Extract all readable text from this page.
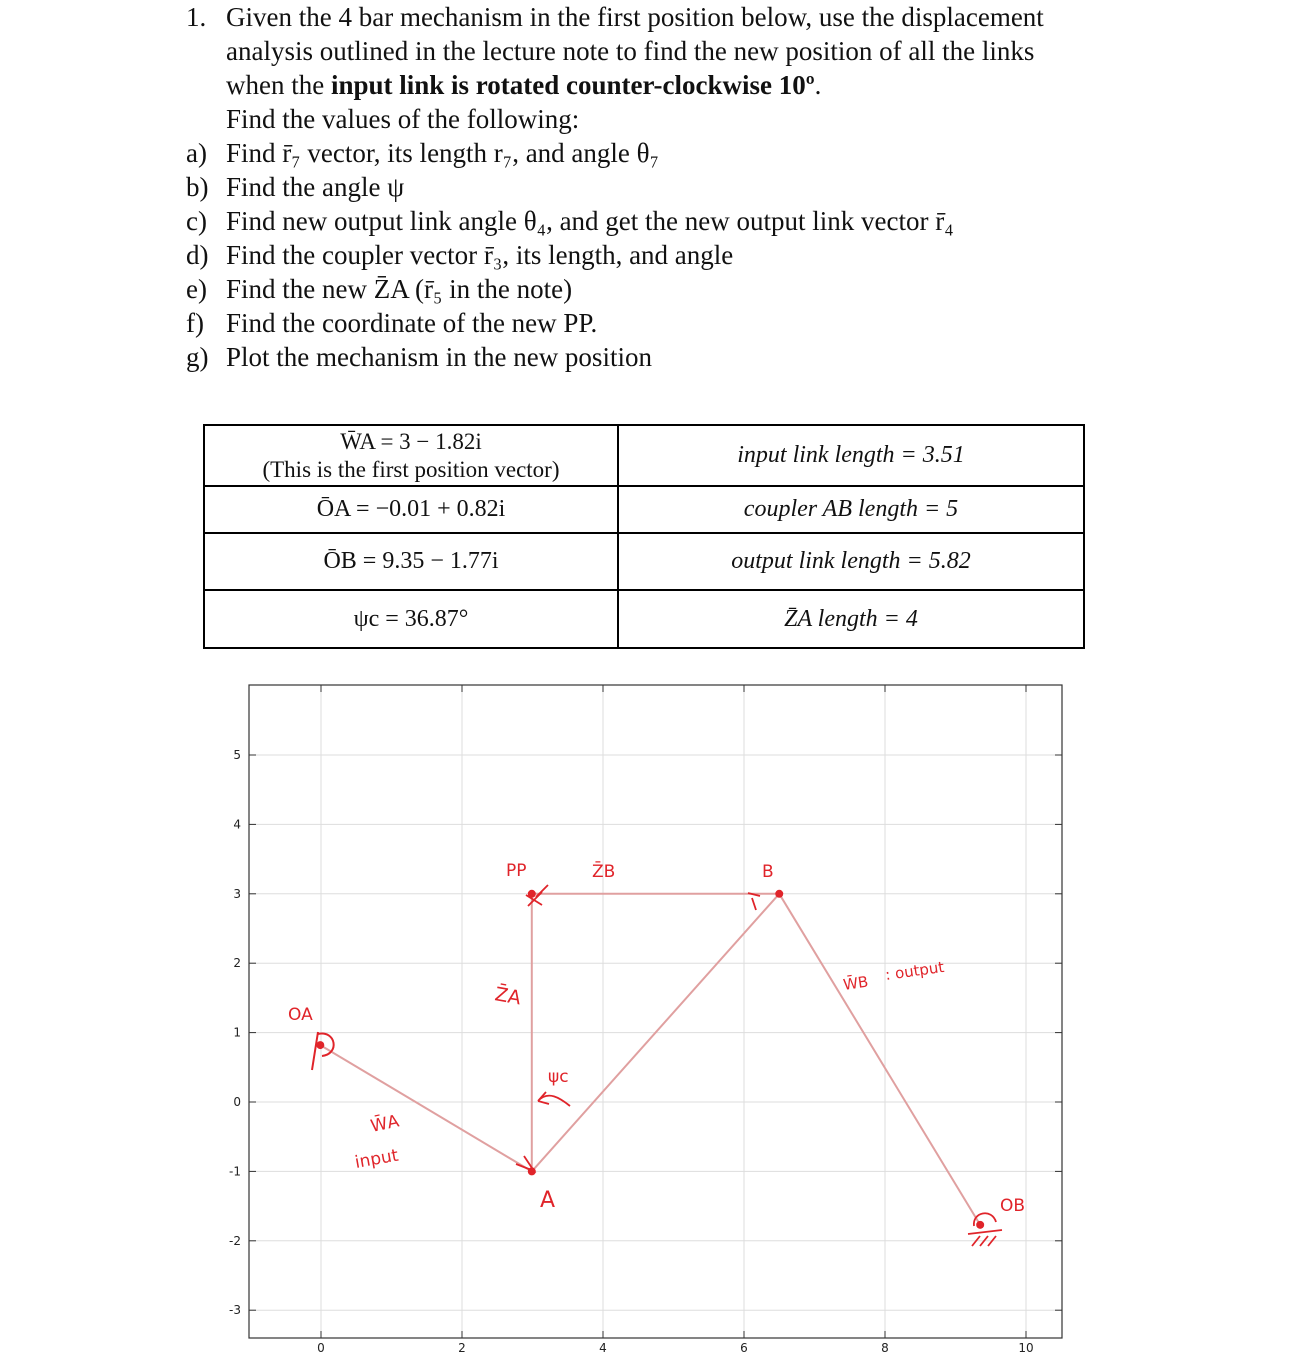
1. Given the 4 bar mechanism in the first position below, use the displacement
analysis outlined in the lecture note to find the new position of all the links
when the input link is rotated counter-clockwise 10º.
Find the values of the following:
a) Find r̄₇ vector, its length r₇, and angle θ₇
b) Find the angle ψ
c) Find new output link angle θ₄, and get the new output link vector r̄₄
d) Find the coupler vector r̄₃, its length, and angle
e) Find the new Z̄A (r̄₅ in the note)
f) Find the coordinate of the new PP.
g) Plot the mechanism in the new position
W̄A = 3 − 1.82i
(This is the first position vector)	input link length = 3.51
ŌA = −0.01 + 0.82i	coupler AB length = 5
ŌB = 9.35 − 1.77i	output link length = 5.82
ψc = 36.87°	Z̄A length = 4
5
4
3
2
1
0
-1
-2
-3
0	2	4	6	8	10
OA
W̄A
input
A
Z̄A
PP	Z̄B
ψc
B
W̄B : output
OB
